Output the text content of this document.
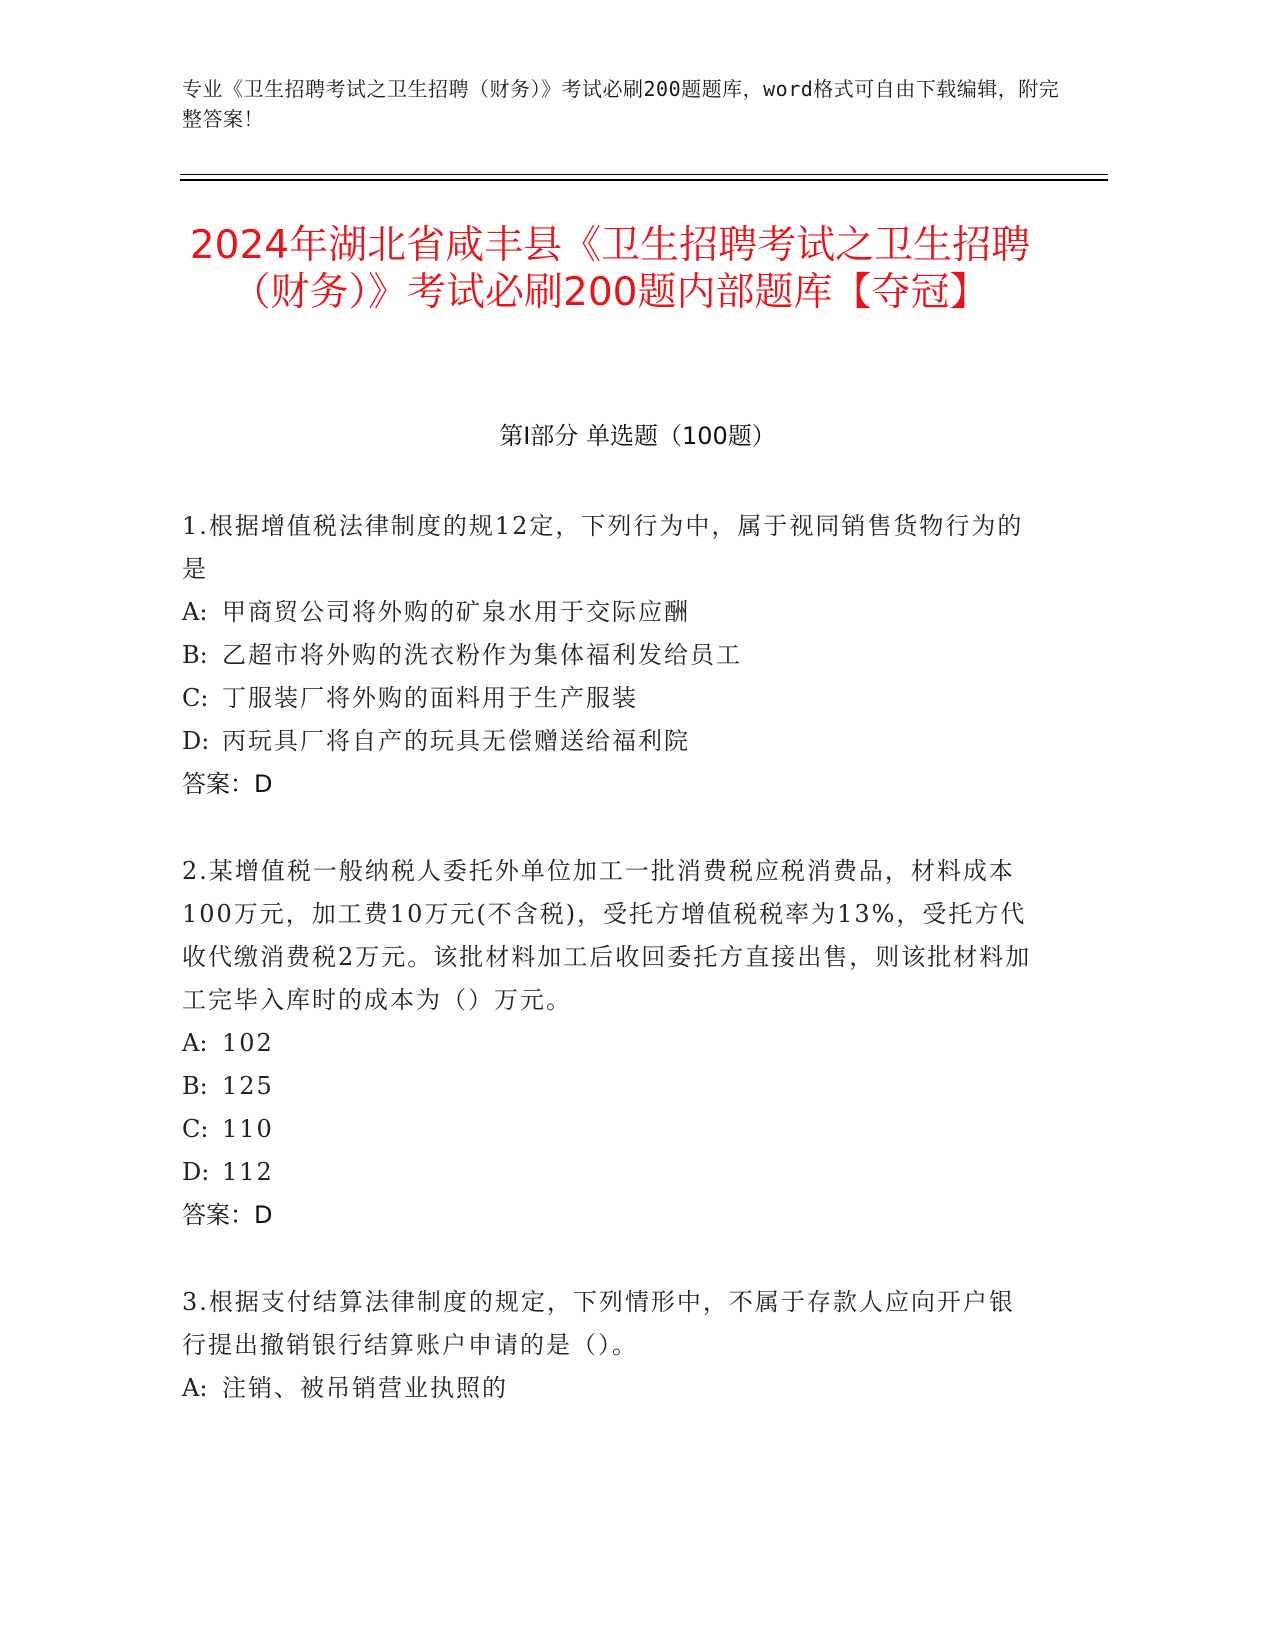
专业《卫生招聘考试之卫生招聘（财务）》考试必刷200题题库，word格式可自由下载编辑，附完整答案！
2024年湖北省咸丰县《卫生招聘考试之卫生招聘（财务）》考试必刷200题内部题库【夺冠】
第Ⅰ部分 单选题（100题）
1.根据增值税法律制度的规12定，下列行为中，属于视同销售货物行为的是
A: 甲商贸公司将外购的矿泉水用于交际应酬
B: 乙超市将外购的洗衣粉作为集体福利发给员工
C: 丁服装厂将外购的面料用于生产服装
D: 丙玩具厂将自产的玩具无偿赠送给福利院
答案：D
2.某增值税一般纳税人委托外单位加工一批消费税应税消费品，材料成本100万元，加工费10万元(不含税)，受托方增值税税率为13%，受托方代收代缴消费税2万元。该批材料加工后收回委托方直接出售，则该批材料加工完毕入库时的成本为（）万元。
A: 102
B: 125
C: 110
D: 112
答案：D
3.根据支付结算法律制度的规定，下列情形中，不属于存款人应向开户银行提出撤销银行结算账户申请的是（）。
A: 注销、被吊销营业执照的
